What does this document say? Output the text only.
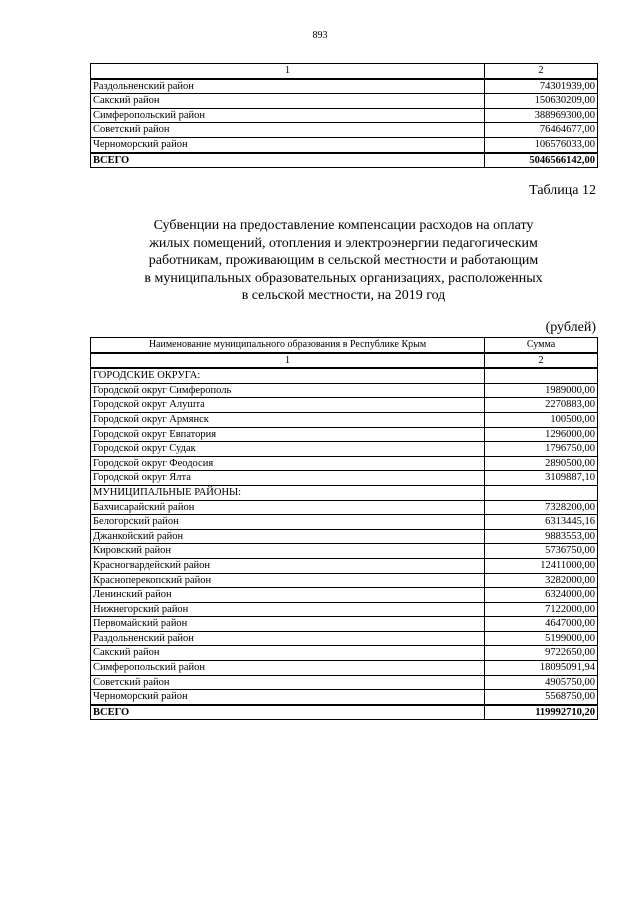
893
1	2
Раздольненский район	74301939,00
Сакский район	150630209,00
Симферопольский район	388969300,00
Советский район	76464677,00
Черноморский район	106576033,00
ВСЕГО	5046566142,00
Таблица 12
Субвенции на предоставление компенсации расходов на оплату
жилых помещений, отопления и электроэнергии педагогическим
работникам, проживающим в сельской местности и работающим
в муниципальных образовательных организациях, расположенных
в сельской местности, на 2019 год
(рублей)
Наименование муниципального образования в Республике Крым	Сумма
1	2
ГОРОДСКИЕ ОКРУГА:	
Городской округ Симферополь	1989000,00
Городской округ Алушта	2270883,00
Городской округ Армянск	100500,00
Городской округ Евпатория	1296000,00
Городской округ Судак	1796750,00
Городской округ Феодосия	2890500,00
Городской округ Ялта	3109887,10
МУНИЦИПАЛЬНЫЕ РАЙОНЫ:	
Бахчисарайский район	7328200,00
Белогорский район	6313445,16
Джанкойский район	9883553,00
Кировский район	5736750,00
Красногвардейский район	12411000,00
Красноперекопский район	3282000,00
Ленинский район	6324000,00
Нижнегорский район	7122000,00
Первомайский район	4647000,00
Раздольненский район	5199000,00
Сакский район	9722650,00
Симферопольский район	18095091,94
Советский район	4905750,00
Черноморский район	5568750,00
ВСЕГО	119992710,20
